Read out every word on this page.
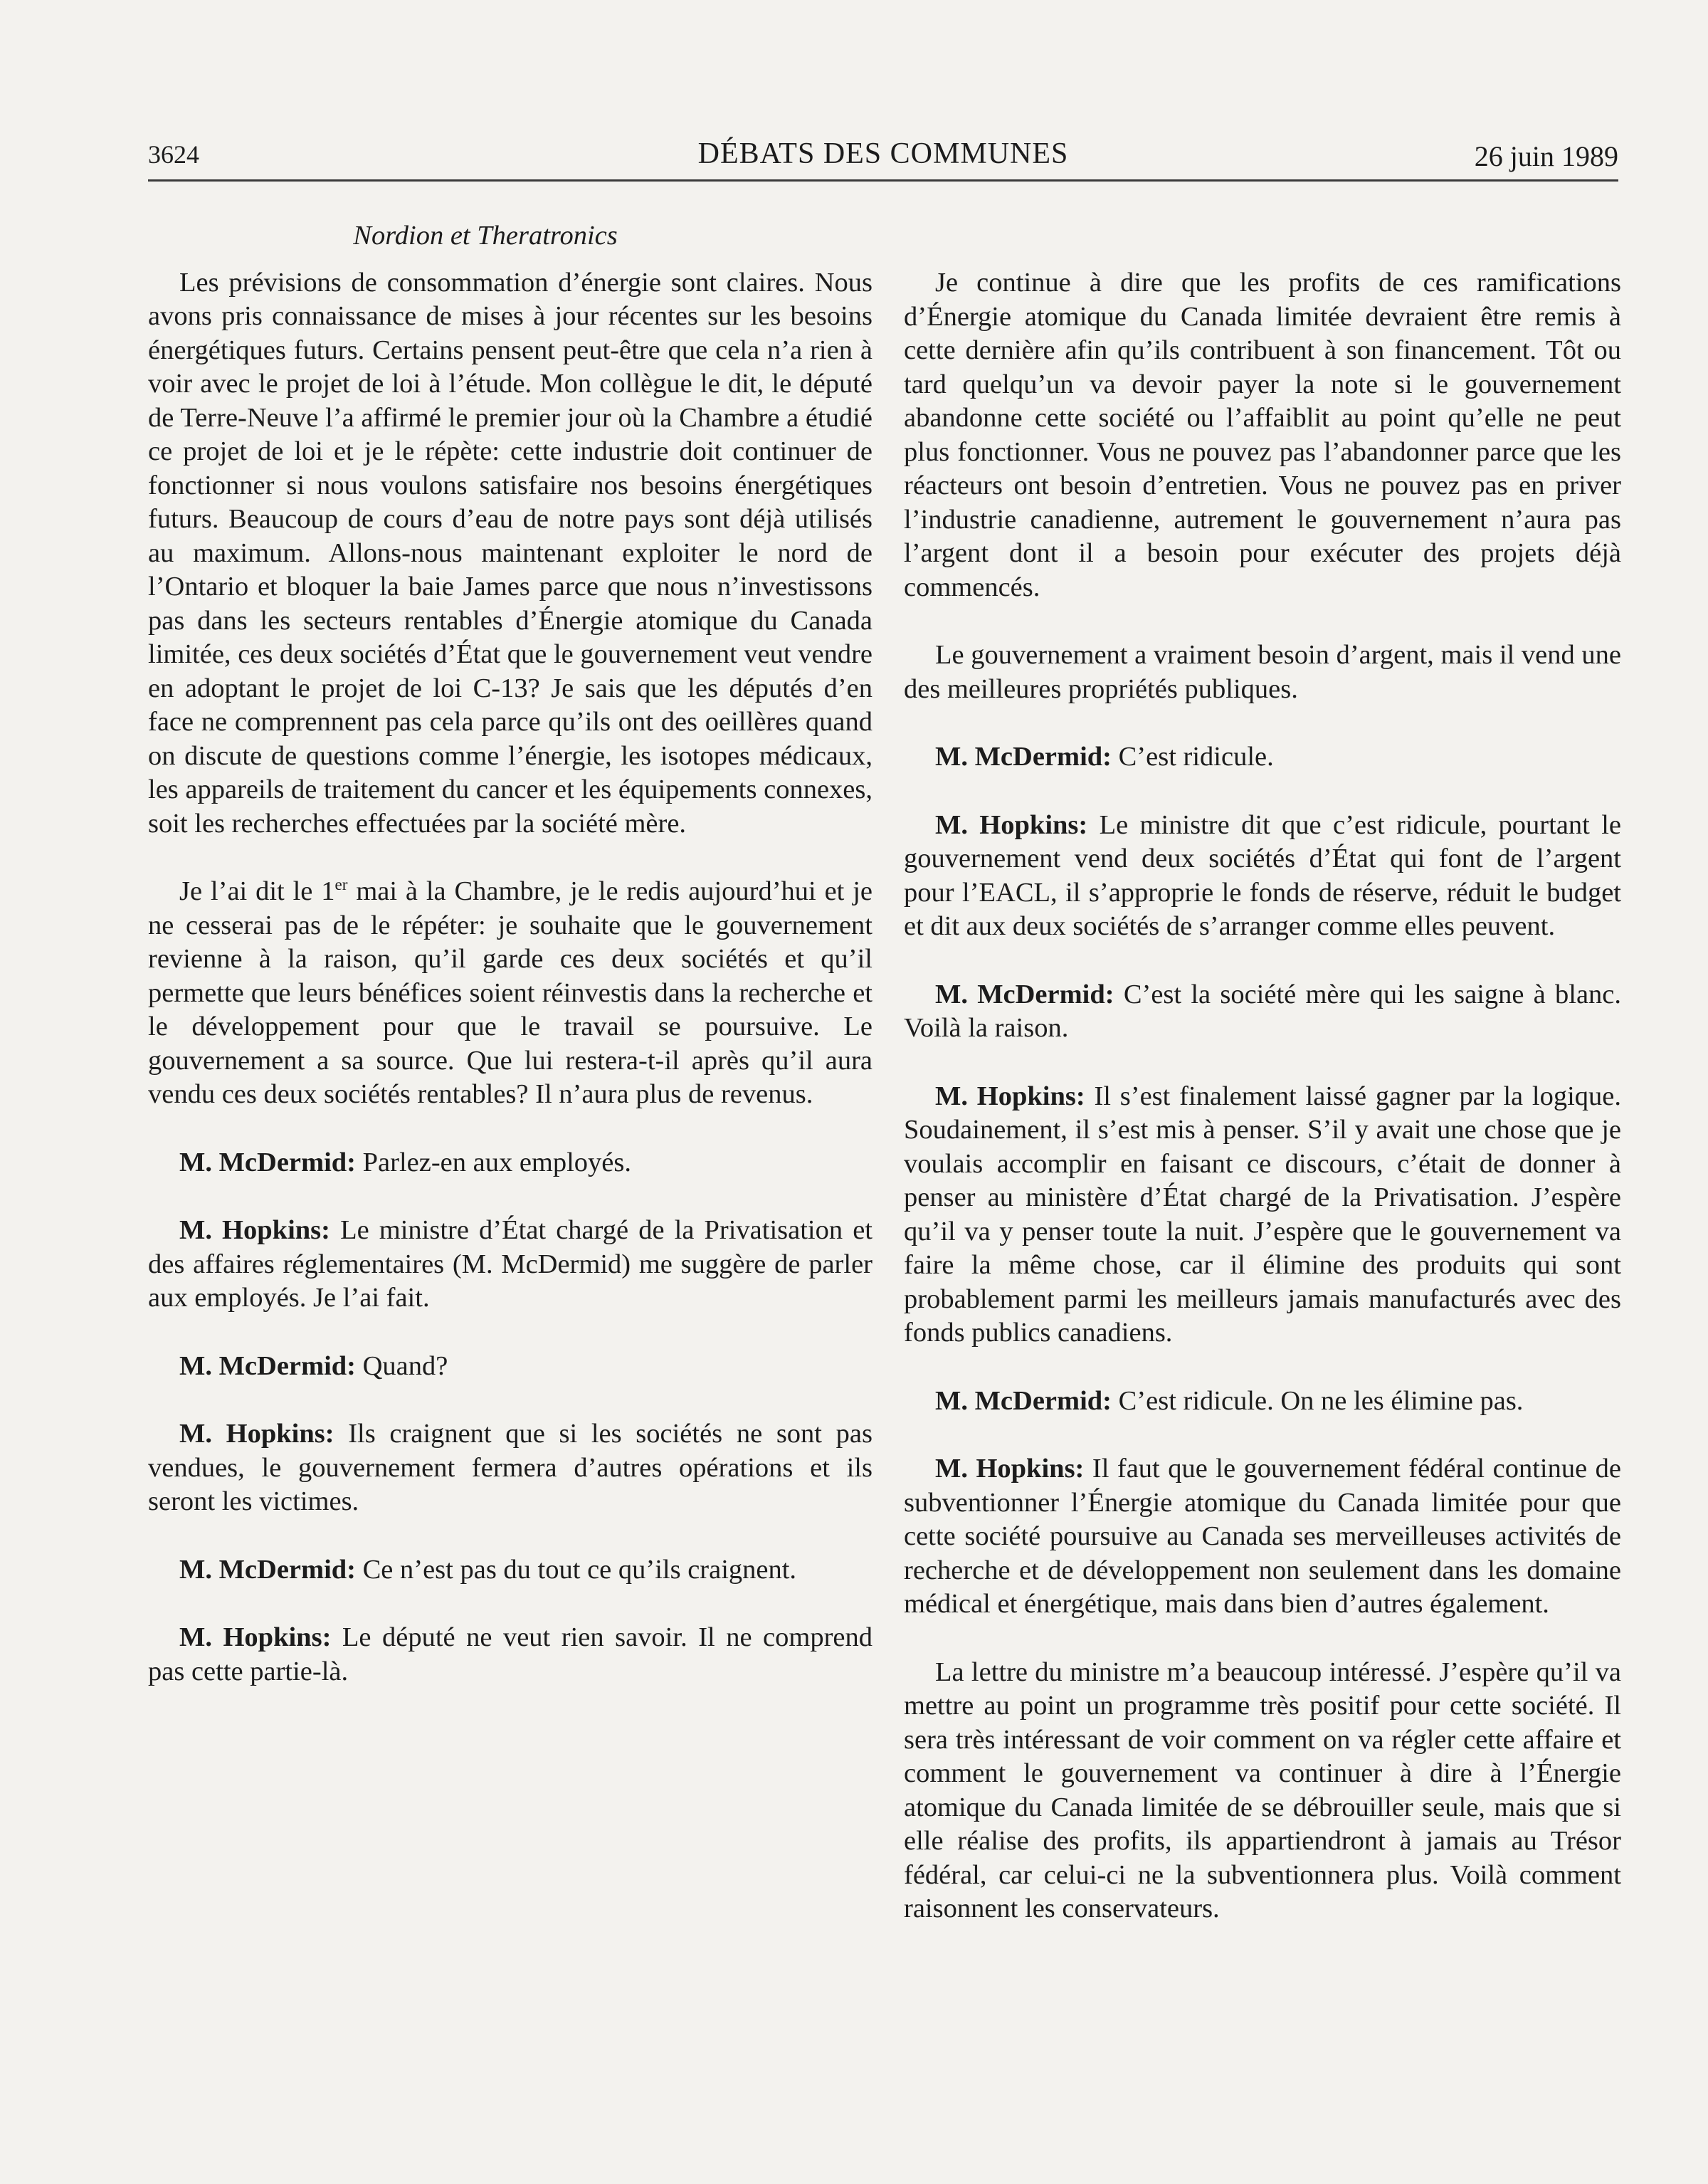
3624	DÉBATS DES COMMUNES	26 juin 1989
Nordion et Theratronics

Les prévisions de consommation d’énergie sont claires. Nous avons pris connaissance de mises à jour récentes sur les besoins énergétiques futurs. Certains pensent peut-être que cela n’a rien à voir avec le projet de loi à l’étude. Mon collègue le dit, le député de Terre-Neuve l’a affirmé le premier jour où la Chambre a étudié ce projet de loi et je le répète: cette industrie doit continuer de fonctionner si nous voulons satisfaire nos besoins énergétiques futurs. Beaucoup de cours d’eau de notre pays sont déjà utilisés au maximum. Allons-nous maintenant exploiter le nord de l’Ontario et bloquer la baie James parce que nous n’investissons pas dans les secteurs rentables d’Énergie atomique du Canada limitée, ces deux sociétés d’État que le gouvernement veut vendre en adoptant le projet de loi C-13? Je sais que les députés d’en face ne comprennent pas cela parce qu’ils ont des oeillères quand on discute de questions comme l’énergie, les isotopes médicaux, les appareils de traitement du cancer et les équipements connexes, soit les recherches effectuées par la société mère.

Je l’ai dit le 1er mai à la Chambre, je le redis aujourd’hui et je ne cesserai pas de le répéter: je souhaite que le gouvernement revienne à la raison, qu’il garde ces deux sociétés et qu’il permette que leurs bénéfices soient réinvestis dans la recherche et le développement pour que le travail se poursuive. Le gouvernement a sa source. Que lui restera-t-il après qu’il aura vendu ces deux sociétés rentables? Il n’aura plus de revenus.

M. McDermid: Parlez-en aux employés.

M. Hopkins: Le ministre d’État chargé de la Privatisation et des affaires réglementaires (M. McDermid) me suggère de parler aux employés. Je l’ai fait.

M. McDermid: Quand?

M. Hopkins: Ils craignent que si les sociétés ne sont pas vendues, le gouvernement fermera d’autres opérations et ils seront les victimes.

M. McDermid: Ce n’est pas du tout ce qu’ils craignent.

M. Hopkins: Le député ne veut rien savoir. Il ne comprend pas cette partie-là.

Je continue à dire que les profits de ces ramifications d’Énergie atomique du Canada limitée devraient être remis à cette dernière afin qu’ils contribuent à son financement. Tôt ou tard quelqu’un va devoir payer la note si le gouvernement abandonne cette société ou l’affaiblit au point qu’elle ne peut plus fonctionner. Vous ne pouvez pas l’abandonner parce que les réacteurs ont besoin d’entretien. Vous ne pouvez pas en priver l’industrie canadienne, autrement le gouvernement n’aura pas l’argent dont il a besoin pour exécuter des projets déjà commencés.

Le gouvernement a vraiment besoin d’argent, mais il vend une des meilleures propriétés publiques.

M. McDermid: C’est ridicule.

M. Hopkins: Le ministre dit que c’est ridicule, pourtant le gouvernement vend deux sociétés d’État qui font de l’argent pour l’EACL, il s’approprie le fonds de réserve, réduit le budget et dit aux deux sociétés de s’arranger comme elles peuvent.

M. McDermid: C’est la société mère qui les saigne à blanc. Voilà la raison.

M. Hopkins: Il s’est finalement laissé gagner par la logique. Soudainement, il s’est mis à penser. S’il y avait une chose que je voulais accomplir en faisant ce discours, c’était de donner à penser au ministère d’État chargé de la Privatisation. J’espère qu’il va y penser toute la nuit. J’espère que le gouvernement va faire la même chose, car il élimine des produits qui sont probablement parmi les meilleurs jamais manufacturés avec des fonds publics canadiens.

M. McDermid: C’est ridicule. On ne les élimine pas.

M. Hopkins: Il faut que le gouvernement fédéral continue de subventionner l’Énergie atomique du Canada limitée pour que cette société poursuive au Canada ses merveilleuses activités de recherche et de développement non seulement dans les domaine médical et énergétique, mais dans bien d’autres également.

La lettre du ministre m’a beaucoup intéressé. J’espère qu’il va mettre au point un programme très positif pour cette société. Il sera très intéressant de voir comment on va régler cette affaire et comment le gouvernement va continuer à dire à l’Énergie atomique du Canada limitée de se débrouiller seule, mais que si elle réalise des profits, ils appartiendront à jamais au Trésor fédéral, car celui-ci ne la subventionnera plus. Voilà comment raisonnent les conservateurs.
